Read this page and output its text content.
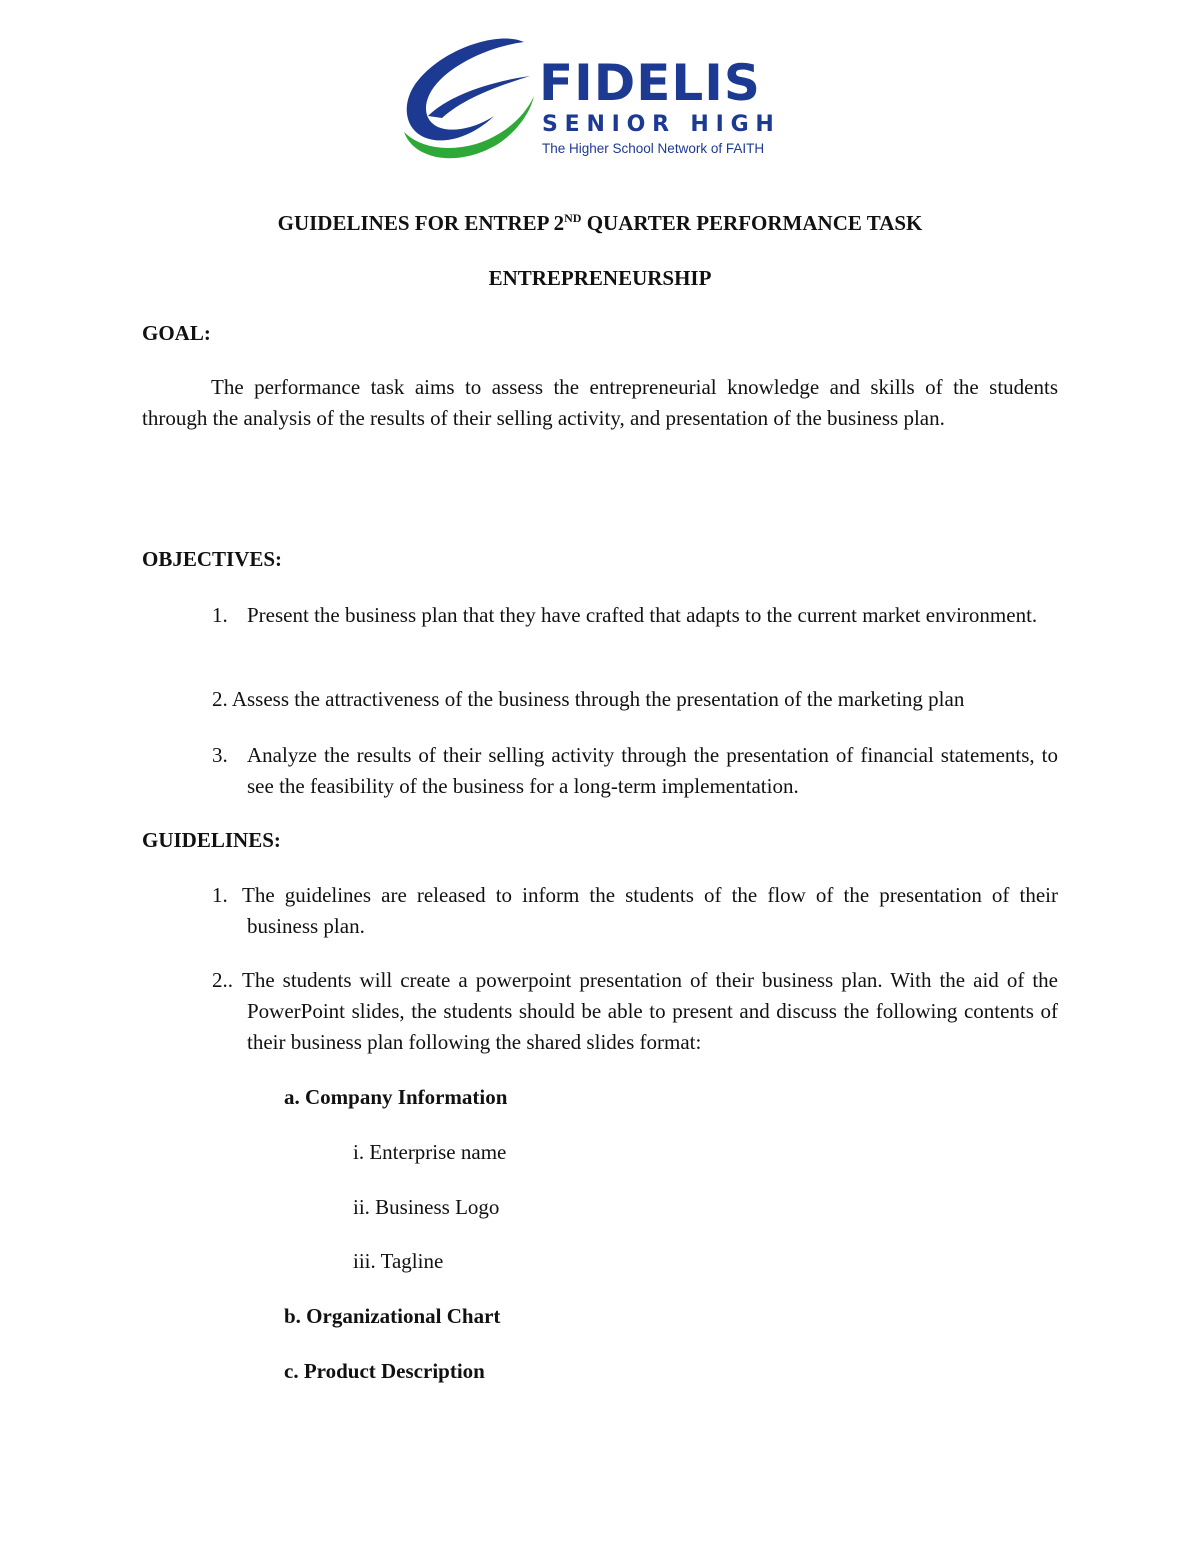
FIDELIS
SENIOR HIGH
The Higher School Network of FAITH

GUIDELINES FOR ENTREP 2ND QUARTER PERFORMANCE TASK

ENTREPRENEURSHIP

GOAL:

The performance task aims to assess the entrepreneurial knowledge and skills of the students through the analysis of the results of their selling activity, and presentation of the business plan.

OBJECTIVES:

1. Present the business plan that they have crafted that adapts to the current market environment.

2. Assess the attractiveness of the business through the presentation of the marketing plan

3. Analyze the results of their selling activity through the presentation of financial statements, to see the feasibility of the business for a long-term implementation.

GUIDELINES:

1. The guidelines are released to inform the students of the flow of the presentation of their business plan.

2.. The students will create a powerpoint presentation of their business plan. With the aid of the PowerPoint slides, the students should be able to present and discuss the following contents of their business plan following the shared slides format:

a. Company Information

i. Enterprise name

ii. Business Logo

iii. Tagline

b. Organizational Chart

c. Product Description
